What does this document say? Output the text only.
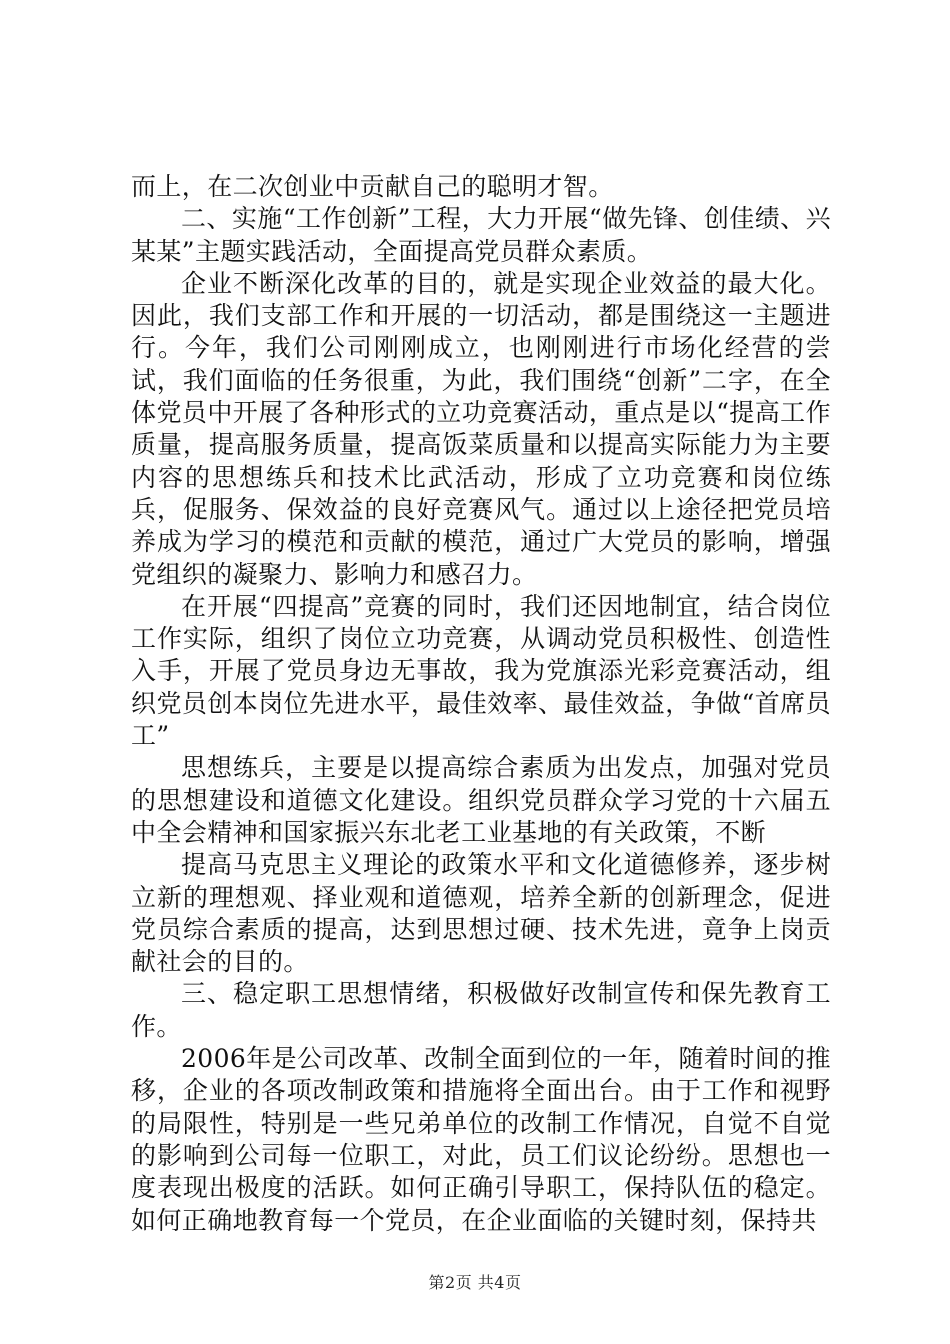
而上，在二次创业中贡献自己的聪明才智。

二、实施“工作创新”工程，大力开展“做先锋、创佳绩、兴某某”主题实践活动，全面提高党员群众素质。

企业不断深化改革的目的，就是实现企业效益的最大化。因此，我们支部工作和开展的一切活动，都是围绕这一主题进行。今年，我们公司刚刚成立，也刚刚进行市场化经营的尝试，我们面临的任务很重，为此，我们围绕“创新”二字，在全体党员中开展了各种形式的立功竞赛活动，重点是以“提高工作质量，提高服务质量，提高饭菜质量和以提高实际能力为主要内容的思想练兵和技术比武活动，形成了立功竞赛和岗位练兵，促服务、保效益的良好竞赛风气。通过以上途径把党员培养成为学习的模范和贡献的模范，通过广大党员的影响，增强党组织的凝聚力、影响力和感召力。

在开展“四提高”竞赛的同时，我们还因地制宜，结合岗位工作实际，组织了岗位立功竞赛，从调动党员积极性、创造性入手，开展了党员身边无事故，我为党旗添光彩竞赛活动，组织党员创本岗位先进水平，最佳效率、最佳效益，争做“首席员工”

思想练兵，主要是以提高综合素质为出发点，加强对党员的思想建设和道德文化建设。组织党员群众学习党的十六届五中全会精神和国家振兴东北老工业基地的有关政策，不断

提高马克思主义理论的政策水平和文化道德修养，逐步树立新的理想观、择业观和道德观，培养全新的创新理念，促进党员综合素质的提高，达到思想过硬、技术先进，竟争上岗贡献社会的目的。

三、稳定职工思想情绪，积极做好改制宣传和保先教育工作。

2006年是公司改革、改制全面到位的一年，随着时间的推移，企业的各项改制政策和措施将全面出台。由于工作和视野的局限性，特别是一些兄弟单位的改制工作情况，自觉不自觉的影响到公司每一位职工，对此，员工们议论纷纷。思想也一度表现出极度的活跃。如何正确引导职工，保持队伍的稳定。如何正确地教育每一个党员，在企业面临的关键时刻，保持共

第2页 共4页
